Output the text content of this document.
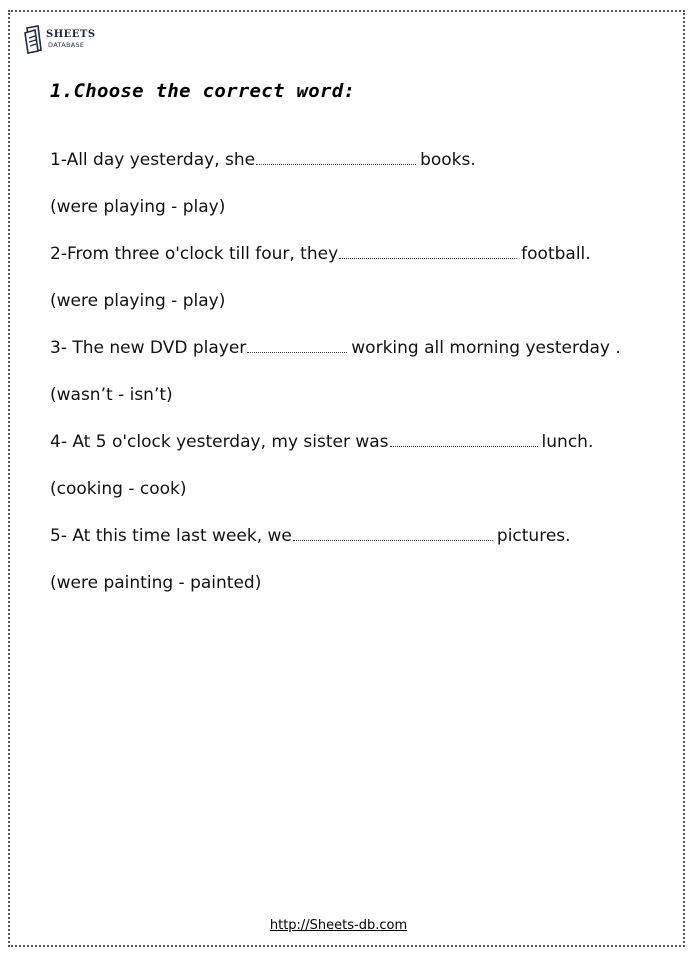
SHEETS
DATABASE
1.Choose the correct word:
1-All day yesterday, she	books.
(were playing - play)
2-From three o'clock till four, they	football.
(were playing - play)
3- The new DVD player	working all morning yesterday .
(wasn’t - isn’t)
4- At 5 o'clock yesterday, my sister was	lunch.
(cooking - cook)
5- At this time last week, we	pictures.
(were painting - painted)
http://Sheets-db.com
